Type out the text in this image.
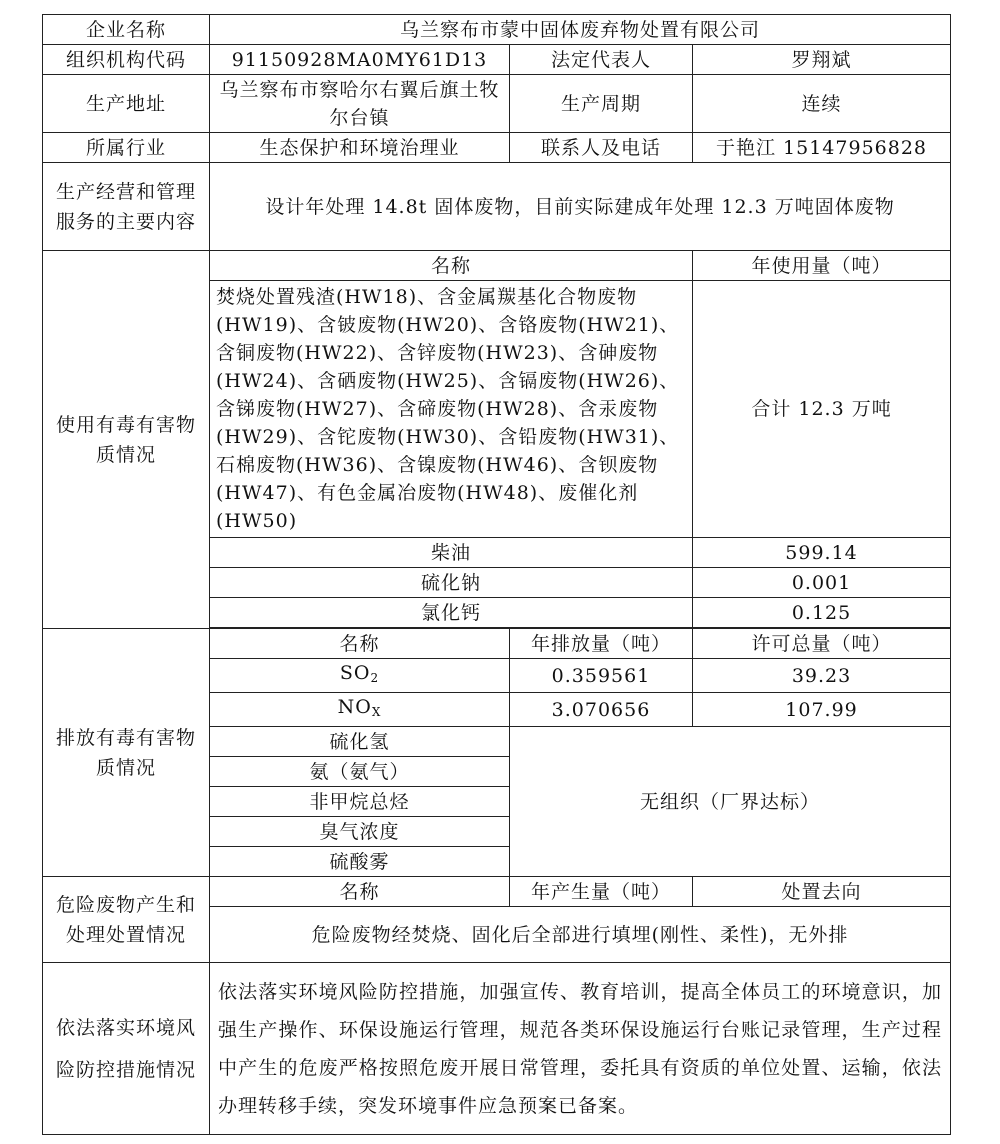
企业名称	乌兰察布市蒙中固体废弃物处置有限公司		
组织机构代码	91150928MA0MY61D13	法定代表人	罗翔斌
生产地址	乌兰察布市察哈尔右翼后旗土牧尔台镇	生产周期	连续
所属行业	生态保护和环境治理业	联系人及电话	于艳江 15147956828
生产经营和管理服务的主要内容	设计年处理 14.8t 固体废物，目前实际建成年处理 12.3 万吨固体废物		
使用有毒有害物质情况	名称		年使用量（吨）
	焚烧处置残渣(HW18)、含金属羰基化合物废物(HW19)、含铍废物(HW20)、含铬废物(HW21)、含铜废物(HW22)、含锌废物(HW23)、含砷废物(HW24)、含硒废物(HW25)、含镉废物(HW26)、含锑废物(HW27)、含碲废物(HW28)、含汞废物(HW29)、含铊废物(HW30)、含铅废物(HW31)、石棉废物(HW36)、含镍废物(HW46)、含钡废物(HW47)、有色金属冶废物(HW48)、废催化剂(HW50)		合计 12.3 万吨
	柴油		599.14
	硫化钠		0.001
	氯化钙		0.125

排放有毒有害物质情况	名称	年排放量（吨）	许可总量（吨）
	$SO_2$	0.359561	39.23
	$NO_X$	3.070656	107.99
	硫化氢	无组织（厂界达标）	
	氨（氨气）		
	非甲烷总烃		
	臭气浓度		
	硫酸雾		
危险废物产生和处理处置情况	名称	年产生量（吨）	处置去向
	危险废物经焚烧、固化后全部进行填埋(刚性、柔性)，无外排		
依法落实环境风险防控措施情况	依法落实环境风险防控措施，加强宣传、教育培训，提高全体员工的环境意识，加强生产操作、环保设施运行管理，规范各类环保设施运行台账记录管理，生产过程中产生的危废严格按照危废开展日常管理，委托具有资质的单位处置、运输，依法办理转移手续，突发环境事件应急预案已备案。		
